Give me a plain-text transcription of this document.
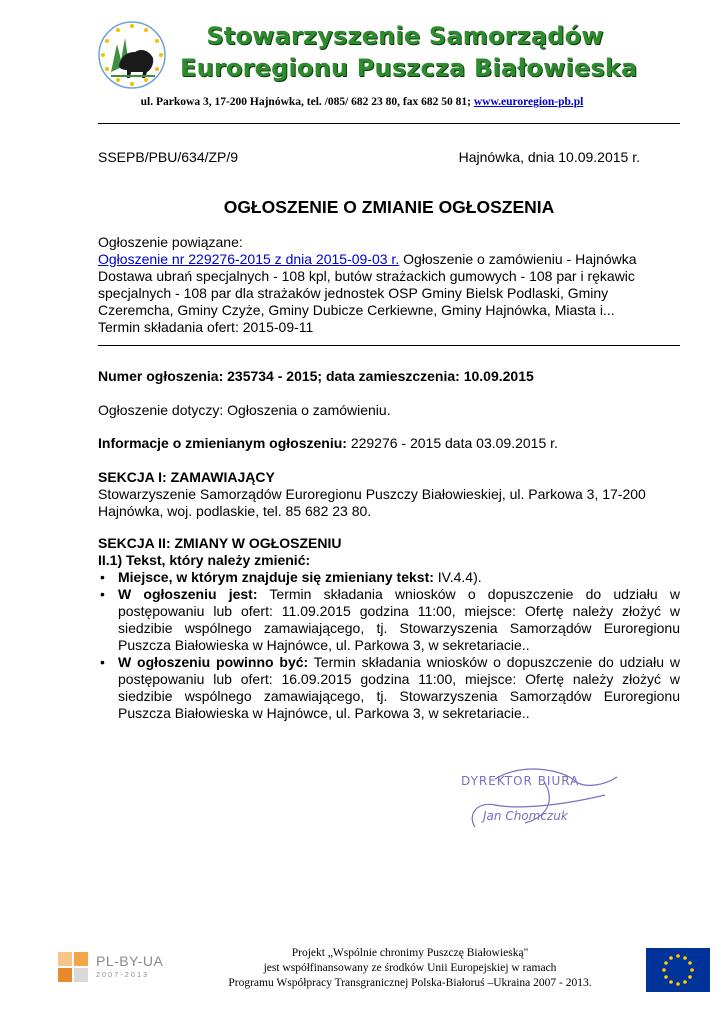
Stowarzyszenie Samorządów
Euroregionu Puszcza Białowieska
ul. Parkowa 3, 17-200 Hajnówka, tel. /085/ 682 23 80, fax 682 50 81; www.euroregion-pb.pl
SSEPB/PBU/634/ZP/9	Hajnówka, dnia 10.09.2015 r.
OGŁOSZENIE O ZMIANIE OGŁOSZENIA
Ogłoszenie powiązane:
Ogłoszenie nr 229276-2015 z dnia 2015-09-03 r. Ogłoszenie o zamówieniu - Hajnówka
Dostawa ubrań specjalnych - 108 kpl, butów strażackich gumowych - 108 par i rękawic
specjalnych - 108 par dla strażaków jednostek OSP Gminy Bielsk Podlaski, Gminy
Czeremcha, Gminy Czyże, Gminy Dubicze Cerkiewne, Gminy Hajnówka, Miasta i...
Termin składania ofert: 2015-09-11
Numer ogłoszenia: 235734 - 2015; data zamieszczenia: 10.09.2015
Ogłoszenie dotyczy: Ogłoszenia o zamówieniu.
Informacje o zmienianym ogłoszeniu: 229276 - 2015 data 03.09.2015 r.
SEKCJA I: ZAMAWIAJĄCY
Stowarzyszenie Samorządów Euroregionu Puszczy Białowieskiej, ul. Parkowa 3, 17-200
Hajnówka, woj. podlaskie, tel. 85 682 23 80.
SEKCJA II: ZMIANY W OGŁOSZENIU
II.1) Tekst, który należy zmienić:
• Miejsce, w którym znajduje się zmieniany tekst: IV.4.4).
• W ogłoszeniu jest: Termin składania wniosków o dopuszczenie do udziału w postępowaniu lub ofert: 11.09.2015 godzina 11:00, miejsce: Ofertę należy złożyć w siedzibie wspólnego zamawiającego, tj. Stowarzyszenia Samorządów Euroregionu Puszcza Białowieska w Hajnówce, ul. Parkowa 3, w sekretariacie..
• W ogłoszeniu powinno być: Termin składania wniosków o dopuszczenie do udziału w postępowaniu lub ofert: 16.09.2015 godzina 11:00, miejsce: Ofertę należy złożyć w siedzibie wspólnego zamawiającego, tj. Stowarzyszenia Samorządów Euroregionu Puszcza Białowieska w Hajnówce, ul. Parkowa 3, w sekretariacie..
DYREKTOR BIURA
Jan Chomczuk
PL-BY-UA
2007-2013
Projekt „Wspólnie chronimy Puszczę Białowieską"
jest współfinansowany ze środków Unii Europejskiej w ramach
Programu Współpracy Transgranicznej Polska-Białoruś –Ukraina 2007 - 2013.
